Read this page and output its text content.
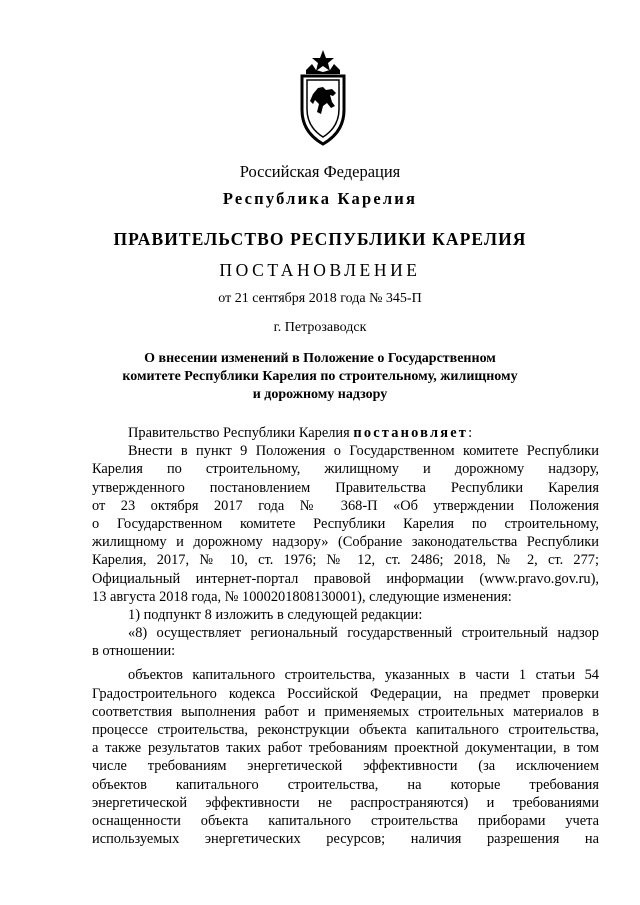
Российская Федерация
Республика Карелия
ПРАВИТЕЛЬСТВО РЕСПУБЛИКИ КАРЕЛИЯ
ПОСТАНОВЛЕНИЕ
от 21 сентября 2018 года № 345-П
г. Петрозаводск
О внесении изменений в Положение о Государственном
комитете Республики Карелия по строительному, жилищному
и дорожному надзору
Правительство Республики Карелия постановляет:
Внести в пункт 9 Положения о Государственном комитете Республики
Карелия по строительному, жилищному и дорожному надзору,
утвержденного постановлением Правительства Республики Карелия
от 23 октября 2017 года № 368-П «Об утверждении Положения
о Государственном комитете Республики Карелия по строительному,
жилищному и дорожному надзору» (Собрание законодательства Республики
Карелия, 2017, № 10, ст. 1976; № 12, ст. 2486; 2018, № 2, ст. 277;
Официальный интернет-портал правовой информации (www.pravo.gov.ru),
13 августа 2018 года, № 1000201808130001), следующие изменения:
1) подпункт 8 изложить в следующей редакции:
«8) осуществляет региональный государственный строительный надзор
в отношении:
объектов капитального строительства, указанных в части 1 статьи 54
Градостроительного кодекса Российской Федерации, на предмет проверки
соответствия выполнения работ и применяемых строительных материалов в
процессе строительства, реконструкции объекта капитального строительства,
а также результатов таких работ требованиям проектной документации, в том
числе требованиям энергетической эффективности (за исключением
объектов капитального строительства, на которые требования
энергетической эффективности не распространяются) и требованиями
оснащенности объекта капитального строительства приборами учета
используемых энергетических ресурсов; наличия разрешения на
